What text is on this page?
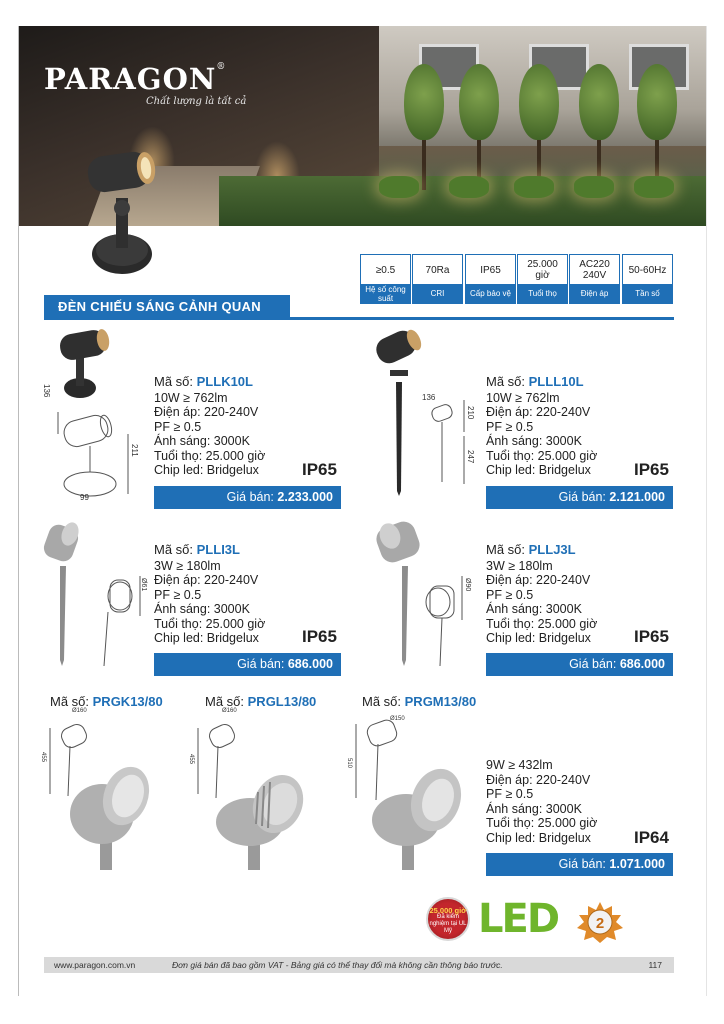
PARAGON®
Chất lượng là tất cả
≥0.5
Hệ số công suất
70Ra
CRI
IP65
Cấp bảo vệ
25.000 giờ
Tuổi thọ
AC220 240V
Điện áp
50-60Hz
Tần số
ĐÈN CHIẾU SÁNG CẢNH QUAN
136
211
99
Mã số: PLLK10L
10W ≥ 762lm
Điện áp: 220-240V
PF ≥ 0.5
Ánh sáng: 3000K
Tuổi thọ: 25.000 giờ
Chip led: Bridgelux	IP65
Giá bán: 2.233.000
136
210
247
Mã số: PLLL10L
10W ≥ 762lm
Điện áp: 220-240V
PF ≥ 0.5
Ánh sáng: 3000K
Tuổi thọ: 25.000 giờ
Chip led: Bridgelux	IP65
Giá bán: 2.121.000
Ø61
Mã số: PLLI3L
3W ≥ 180lm
Điện áp: 220-240V
PF ≥ 0.5
Ánh sáng: 3000K
Tuổi thọ: 25.000 giờ
Chip led: Bridgelux	IP65
Giá bán: 686.000
Ø90
Mã số: PLLJ3L
3W ≥ 180lm
Điện áp: 220-240V
PF ≥ 0.5
Ánh sáng: 3000K
Tuổi thọ: 25.000 giờ
Chip led: Bridgelux	IP65
Giá bán: 686.000
Mã số: PRGK13/80	Mã số: PRGL13/80	Mã số: PRGM13/80
Ø160
455
Ø160
455
Ø150
510	9W ≥ 432lm
Điện áp: 220-240V
PF ≥ 0.5
Ánh sáng: 3000K
Tuổi thọ: 25.000 giờ
Chip led: Bridgelux	IP64
Giá bán: 1.071.000
25.000 giờ
Đã kiểm nghiệm tại UL Mỹ LED	2
www.paragon.com.vn	Đơn giá bán đã bao gồm VAT - Bảng giá có thể thay đổi mà không cần thông báo trước.	117
